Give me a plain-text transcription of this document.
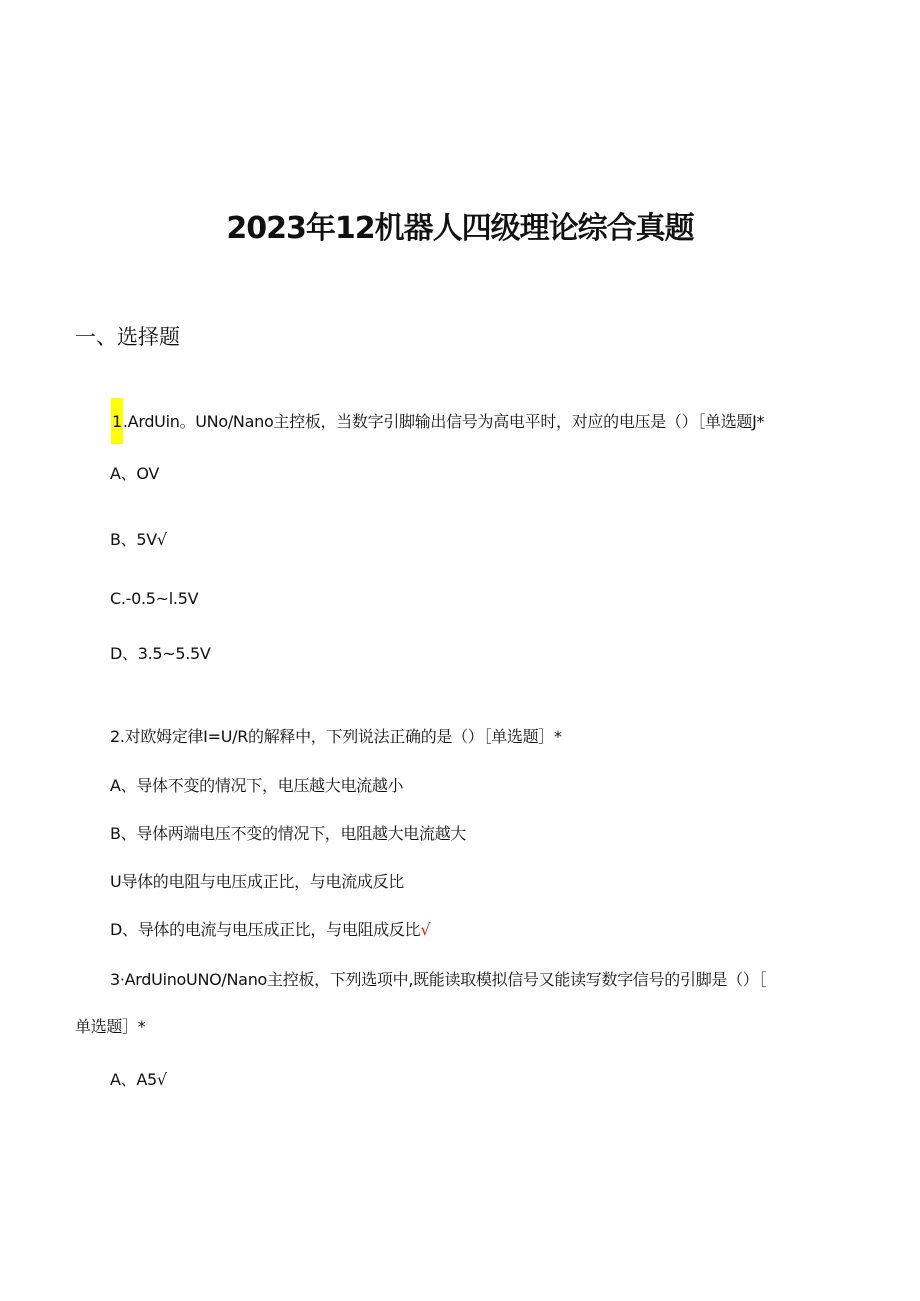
2023年12机器人四级理论综合真题
一、选择题
1.ArdUin。UNo/Nano主控板，当数字引脚输出信号为高电平时，对应的电压是（）［单选题J*
A、OV
B、5V√
C.-0.5~l.5V
D、3.5~5.5V
2.对欧姆定律I=U/R的解释中，下列说法正确的是（）［单选题］*
A、导体不变的情况下，电压越大电流越小
B、导体两端电压不变的情况下，电阻越大电流越大
U导体的电阻与电压成正比，与电流成反比
D、导体的电流与电压成正比，与电阻成反比√
3·ArdUinoUNO/Nano主控板，下列选项中,既能读取模拟信号又能读写数字信号的引脚是（）［
单选题］*
A、A5√
